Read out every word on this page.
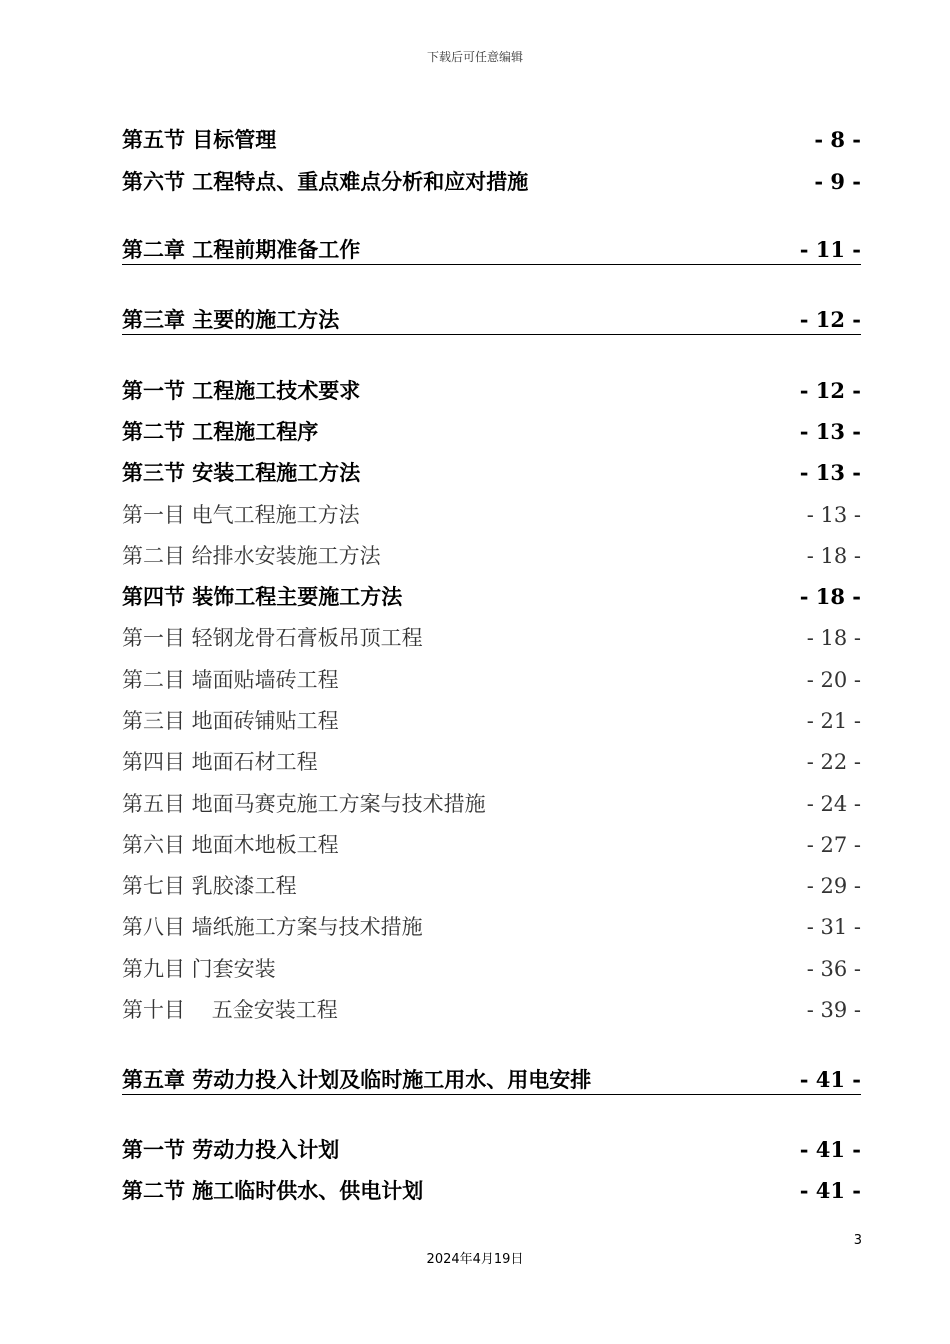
下载后可任意编辑
第五节 目标管理	- 8 -
第六节 工程特点、重点难点分析和应对措施	- 9 -
第二章 工程前期准备工作	- 11 -
第三章 主要的施工方法	- 12 -
第一节 工程施工技术要求	- 12 -
第二节 工程施工程序	- 13 -
第三节 安装工程施工方法	- 13 -
第一目 电气工程施工方法	- 13 -
第二目 给排水安装施工方法	- 18 -
第四节 装饰工程主要施工方法	- 18 -
第一目 轻钢龙骨石膏板吊顶工程	- 18 -
第二目 墙面贴墙砖工程	- 20 -
第三目 地面砖铺贴工程	- 21 -
第四目 地面石材工程	- 22 -
第五目 地面马赛克施工方案与技术措施	- 24 -
第六目 地面木地板工程	- 27 -
第七目 乳胶漆工程	- 29 -
第八目 墙纸施工方案与技术措施	- 31 -
第九目 门套安装	- 36 -
第十目    五金安装工程	- 39 -
第五章 劳动力投入计划及临时施工用水、用电安排	- 41 -
第一节 劳动力投入计划	- 41 -
第二节 施工临时供水、供电计划	- 41 -
3
2024年4月19日
